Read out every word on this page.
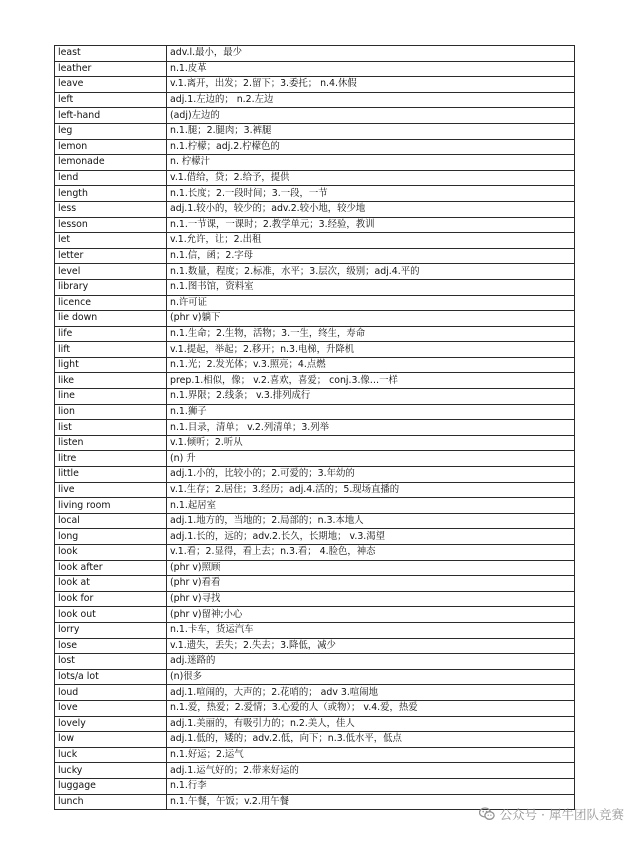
least	adv.l.最小，最少
leather	n.1.皮革
leave	v.1.离开，出发；2.留下；3.委托； n.4.休假
left	adj.1.左边的； n.2.左边
left-hand	(adj)左边的
leg	n.1.腿；2.腿肉；3.裤腿
lemon	n.1.柠檬；adj.2.柠檬色的
lemonade	n. 柠檬汁
lend	v.1.借给，贷；2.给予，提供
length	n.1.长度；2.一段时间；3.一段，一节
less	adj.1.较小的，较少的；adv.2.较小地，较少地
lesson	n.1.一节课，一课时；2.教学单元；3.经验，教训
let	v.1.允许，让；2.出租
letter	n.1.信，函；2.字母
level	n.1.数量，程度；2.标准，水平；3.层次，级别；adj.4.平的
library	n.1.图书馆，资料室
licence	n.许可证
lie down	(phr v)躺下
life	n.1.生命；2.生物，活物；3.一生，终生，寿命
lift	v.1.提起，举起；2.移开；n.3.电梯，升降机
light	n.1.光；2.发光体；v.3.照亮；4.点燃
like	prep.1.相似，像； v.2.喜欢，喜爱； conj.3.像…一样
line	n.1.界限；2.线条； v.3.排列成行
lion	n.1.狮子
list	n.1.目录，清单； v.2.列清单；3.列举
listen	v.1.倾听；2.听从
litre	(n) 升
little	adj.1.小的，比较小的；2.可爱的；3.年幼的
live	v.1.生存；2.居住；3.经历；adj.4.活的；5.现场直播的
living room	n.1.起居室
local	adj.1.地方的，当地的；2.局部的；n.3.本地人
long	adj.1.长的，远的；adv.2.长久，长期地； v.3.渴望
look	v.1.看；2.显得，看上去；n.3.看； 4.脸色，神态
look after	(phr v)照顾
look at	(phr v)看看
look for	(phr v)寻找
look out	(phr v)留神;小心
lorry	n.1.卡车，货运汽车
lose	v.1.遗失，丢失；2.失去；3.降低，减少
lost	adj.迷路的
lots/a lot	(n)很多
loud	adj.1.喧闹的，大声的；2.花哨的； adv 3.喧闹地
love	n.1.爱，热爱；2.爱情；3.心爱的人（或物）； v.4.爱，热爱
lovely	adj.1.美丽的，有吸引力的；n.2.美人，佳人
low	adj.1.低的，矮的；adv.2.低，向下；n.3.低水平，低点
luck	n.1.好运；2.运气
lucky	adj.1.运气好的；2.带来好运的
luggage	n.1.行李
lunch	n.1.午餐，午饭；v.2.用午餐
公众号 · 犀牛团队竞赛
